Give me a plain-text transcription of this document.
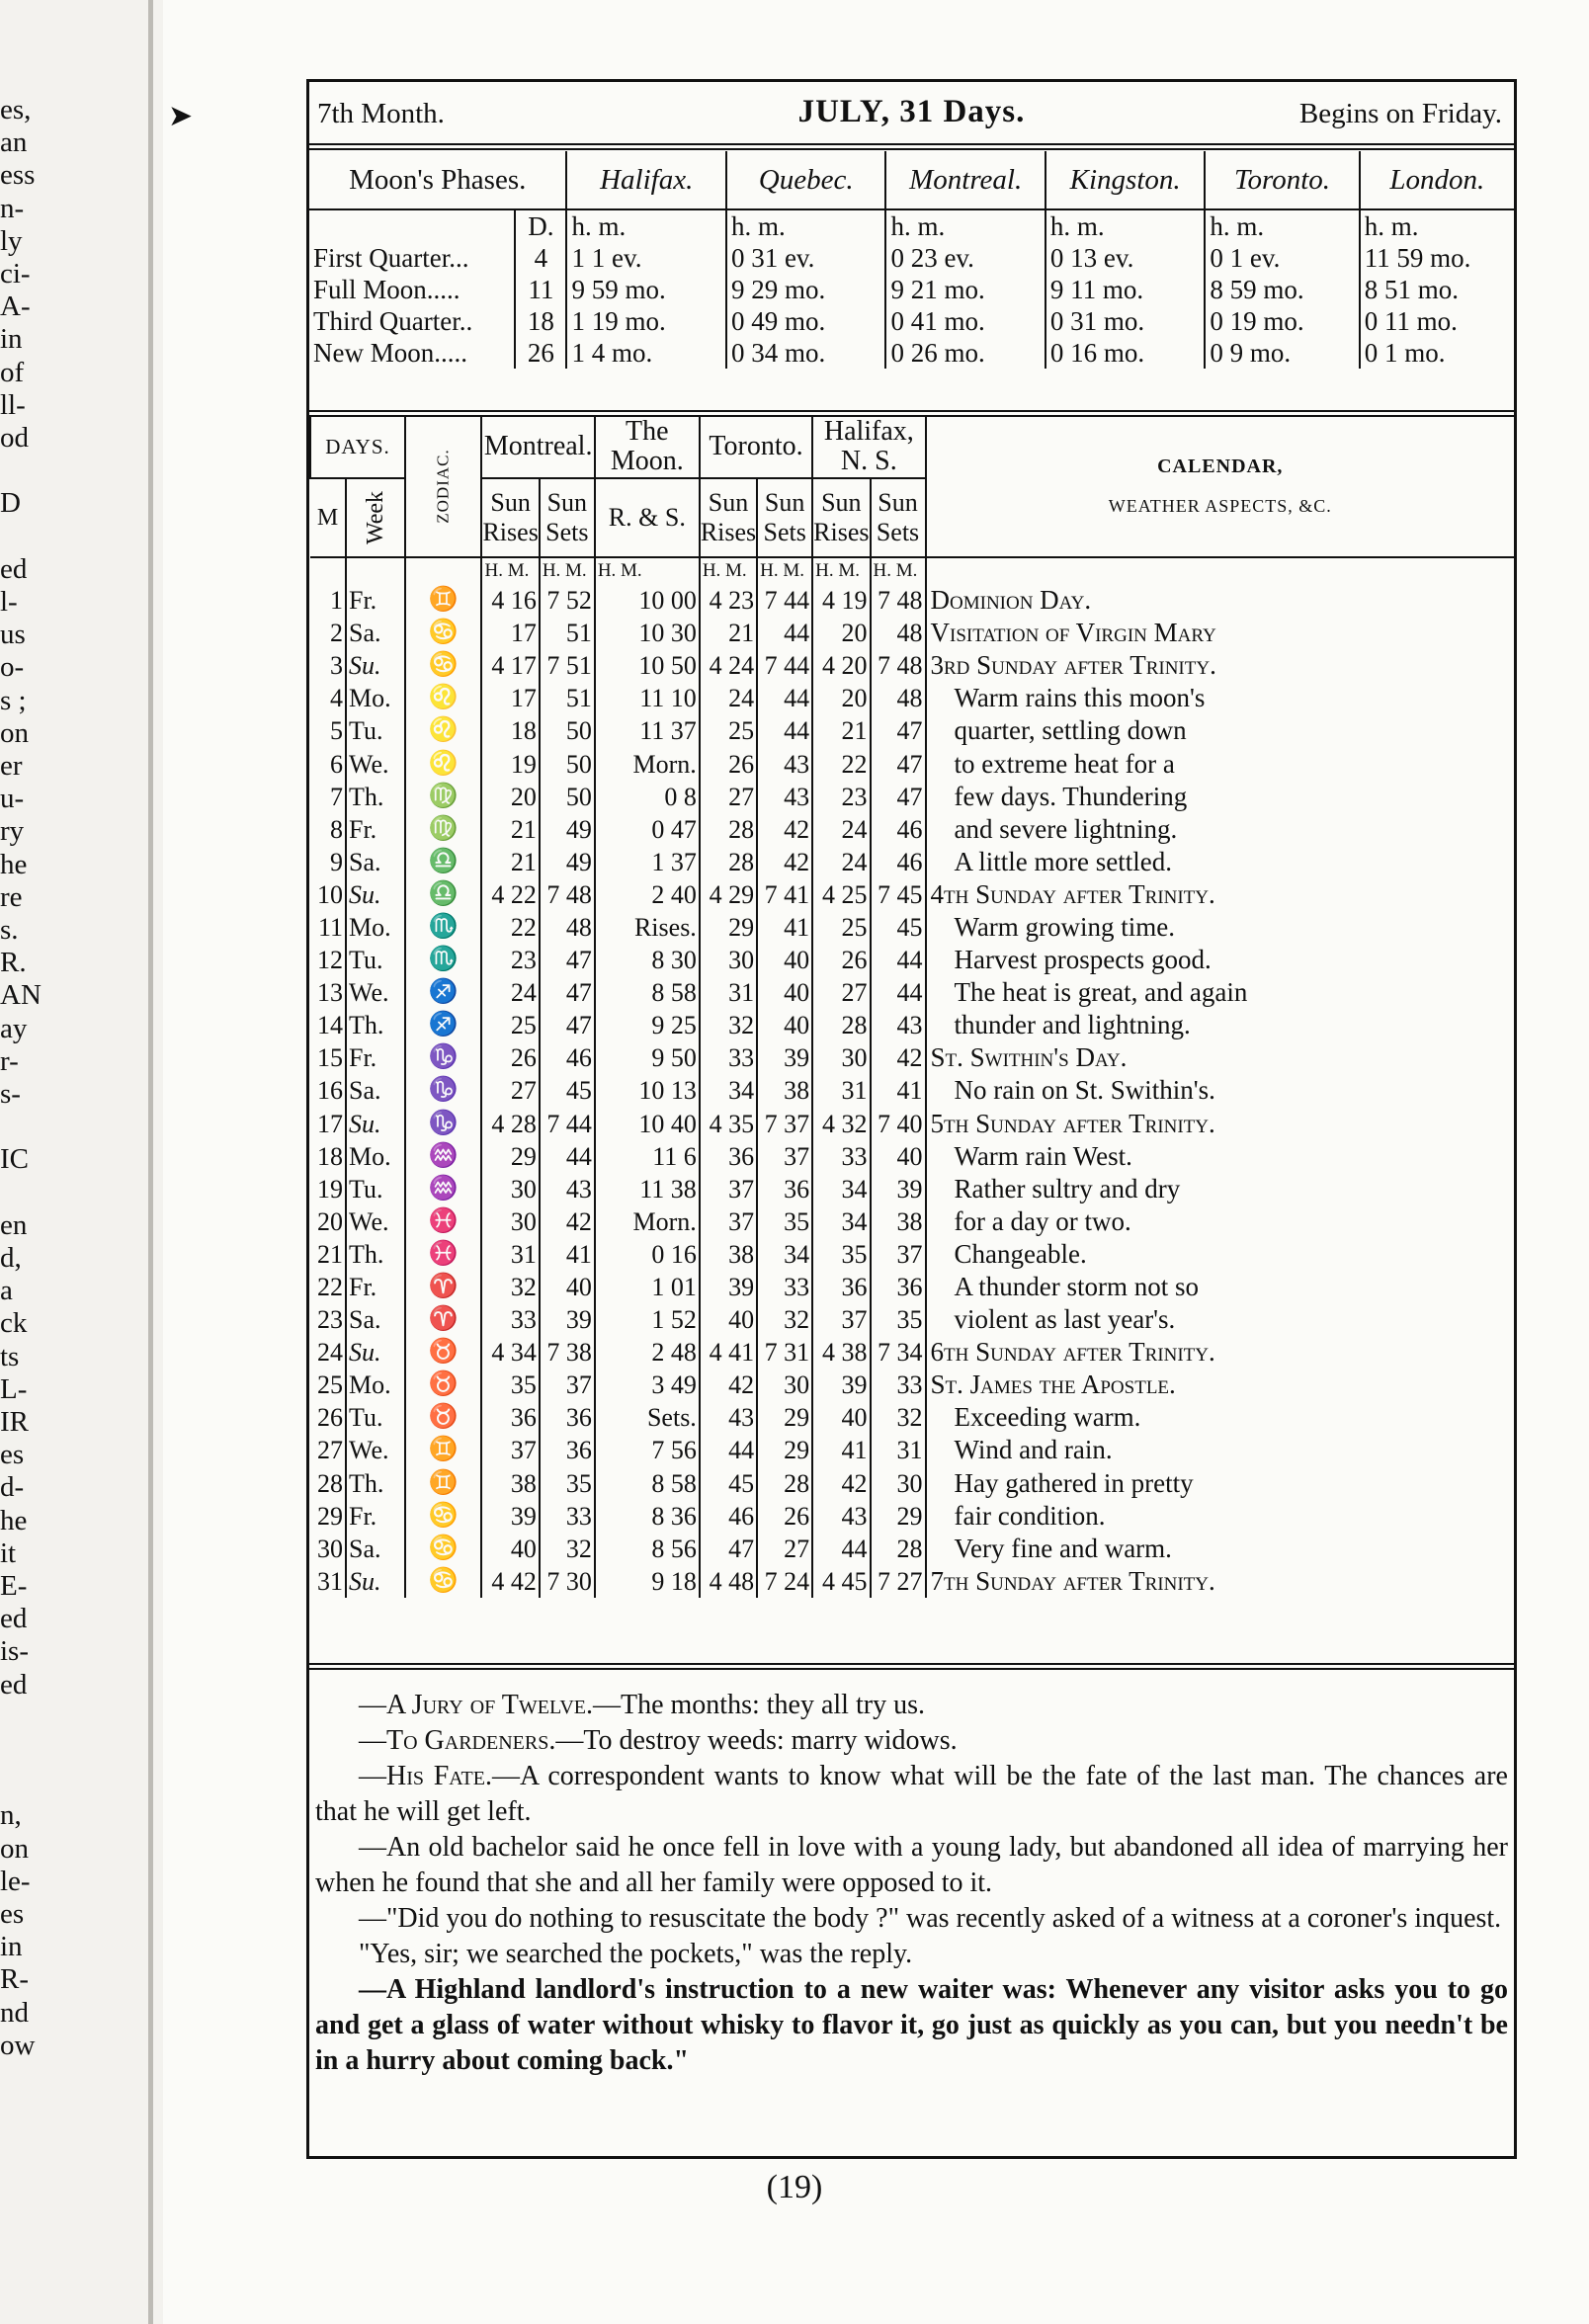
es,
an
ess
n-
ly
ci-
A-
in
of
ll-
od
D
ed
l-
us
o-
s ;
on
er
u-
ry
he
re
s.
R.
AN
ay
r-
s-
IC
en
d,
a
ck
ts
L-
IR
es
d-
he
it
E-
ed
is-
ed
n,
on
le-
es
in
R-
nd
ow
➤	7th Month.	JULY, 31 Days.	Begins on Friday.
Moon's Phases.		Halifax.	Quebec.	Montreal.	Kingston.	Toronto.	London.
	D.	h. m.	h. m.	h. m.	h. m.	h. m.	h. m.
First Quarter...	4	1 1 ev.	0 31 ev.	0 23 ev.	0 13 ev.	0 1 ev.	11 59 mo.
Full Moon.....	11	9 59 mo.	9 29 mo.	9 21 mo.	9 11 mo.	8 59 mo.	8 51 mo.
Third Quarter..	18	1 19 mo.	0 49 mo.	0 41 mo.	0 31 mo.	0 19 mo.	0 11 mo.
New Moon.....	26	1 4 mo.	0 34 mo.	0 26 mo.	0 16 mo.	0 9 mo.	0 1 mo.
DAYS.		ZODIAC.	Montreal.		The Moon.	Toronto.		Halifax, N. S.		CALENDAR,
WEATHER ASPECTS, &C.

M	Week		Sun Rises	Sun Sets	R. & S.	Sun Rises	Sun Sets	Sun Rises	Sun Sets	
			H. M.	H. M.	H. M.	H. M.	H. M.	H. M.	H. M.	
1	Fr.	♊	4 16	7 52	10 00	4 23	7 44	4 19	7 48	Dominion Day.
2	Sa.	♋	17	51	10 30	21	44	20	48	Visitation of Virgin Mary
3	Su.	♋	4 17	7 51	10 50	4 24	7 44	4 20	7 48	3rd Sunday after Trinity.
4	Mo.	♌	17	51	11 10	24	44	20	48	Warm rains this moon's
5	Tu.	♌	18	50	11 37	25	44	21	47	quarter, settling down
6	We.	♌	19	50	Morn.	26	43	22	47	to extreme heat for a
7	Th.	♍	20	50	0 8	27	43	23	47	few days. Thundering
8	Fr.	♍	21	49	0 47	28	42	24	46	and severe lightning.
9	Sa.	♎	21	49	1 37	28	42	24	46	A little more settled.
10	Su.	♎	4 22	7 48	2 40	4 29	7 41	4 25	7 45	4th Sunday after Trinity.
11	Mo.	♏	22	48	Rises.	29	41	25	45	Warm growing time.
12	Tu.	♏	23	47	8 30	30	40	26	44	Harvest prospects good.
13	We.	♐	24	47	8 58	31	40	27	44	The heat is great, and again
14	Th.	♐	25	47	9 25	32	40	28	43	thunder and lightning.
15	Fr.	♑	26	46	9 50	33	39	30	42	St. Swithin's Day.
16	Sa.	♑	27	45	10 13	34	38	31	41	No rain on St. Swithin's.
17	Su.	♑	4 28	7 44	10 40	4 35	7 37	4 32	7 40	5th Sunday after Trinity.
18	Mo.	♒	29	44	11 6	36	37	33	40	Warm rain West.
19	Tu.	♒	30	43	11 38	37	36	34	39	Rather sultry and dry
20	We.	♓	30	42	Morn.	37	35	34	38	for a day or two.
21	Th.	♓	31	41	0 16	38	34	35	37	Changeable.
22	Fr.	♈	32	40	1 01	39	33	36	36	A thunder storm not so
23	Sa.	♈	33	39	1 52	40	32	37	35	violent as last year's.
24	Su.	♉	4 34	7 38	2 48	4 41	7 31	4 38	7 34	6th Sunday after Trinity.
25	Mo.	♉	35	37	3 49	42	30	39	33	St. James the Apostle.
26	Tu.	♉	36	36	Sets.	43	29	40	32	Exceeding warm.
27	We.	♊	37	36	7 56	44	29	41	31	Wind and rain.
28	Th.	♊	38	35	8 58	45	28	42	30	Hay gathered in pretty
29	Fr.	♋	39	33	8 36	46	26	43	29	fair condition.
30	Sa.	♋	40	32	8 56	47	27	44	28	Very fine and warm.
31	Su.	♋	4 42	7 30	9 18	4 48	7 24	4 45	7 27	7th Sunday after Trinity.

—A Jury of Twelve.—The months: they all try us.

—To Gardeners.—To destroy weeds: marry widows.

—His Fate.—A correspondent wants to know what will be the fate of the last man. The chances are that he will get left.

—An old bachelor said he once fell in love with a young lady, but abandoned all idea of marrying her when he found that she and all her family were opposed to it.

—"Did you do nothing to resuscitate the body ?" was recently asked of a witness at a coroner's inquest.

"Yes, sir; we searched the pockets," was the reply.

—A Highland landlord's instruction to a new waiter was: Whenever any visitor asks you to go and get a glass of water without whisky to flavor it, go just as quickly as you can, but you needn't be in a hurry about coming back."

(19)
